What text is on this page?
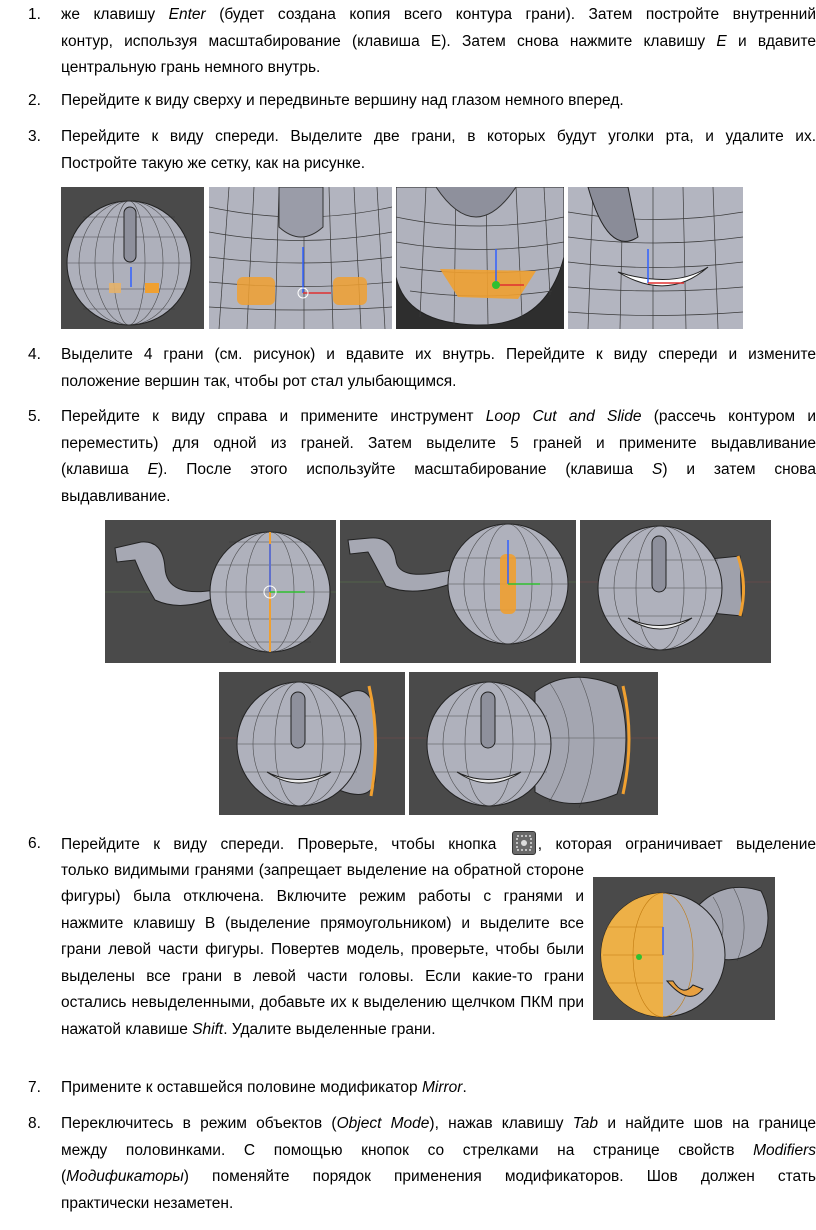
1.	же клавишу Enter (будет создана копия всего контура грани). Затем постройте внутренний
контур, используя масштабирование (клавиша E). Затем снова нажмите клавишу E и вдавите
центральную грань немного внутрь.
2.	Перейдите к виду сверху и передвиньте вершину над глазом немного вперед.
3.	Перейдите к виду спереди. Выделите две грани, в которых будут уголки рта, и удалите их.
Постройте такую же сетку, как на рисунке.
4.	Выделите 4 грани (см. рисунок) и вдавите их внутрь. Перейдите к виду спереди и измените
положение вершин так, чтобы рот стал улыбающимся.
5.	Перейдите к виду справа и примените инструмент Loop Cut and Slide (рассечь контуром и
переместить) для одной из граней. Затем выделите 5 граней и примените выдавливание
(клавиша E). После этого используйте масштабирование (клавиша S) и затем снова
выдавливание.
6.	Перейдите к виду спереди. Проверьте, чтобы кнопка , которая ограничивает выделение
только видимыми гранями (запрещает выделение на обратной стороне фигуры) была отключена. Включите режим работы с гранями и нажмите клавишу B (выделение прямоугольником) и выделите все грани левой части фигуры. Повертев модель, проверьте, чтобы были выделены все грани в левой части головы. Если какие-то грани остались невыделенными, добавьте их к выделению щелчком ПКМ при нажатой клавише Shift. Удалите выделенные грани.
7.	Примените к оставшейся половине модификатор Mirror.
8.	Переключитесь в режим объектов (Object Mode), нажав клавишу Tab и найдите шов на границе
между половинками. С помощью кнопок со стрелками на странице свойств Modifiers
(Модификаторы) поменяйте порядок применения модификаторов. Шов должен стать
практически незаметен.
